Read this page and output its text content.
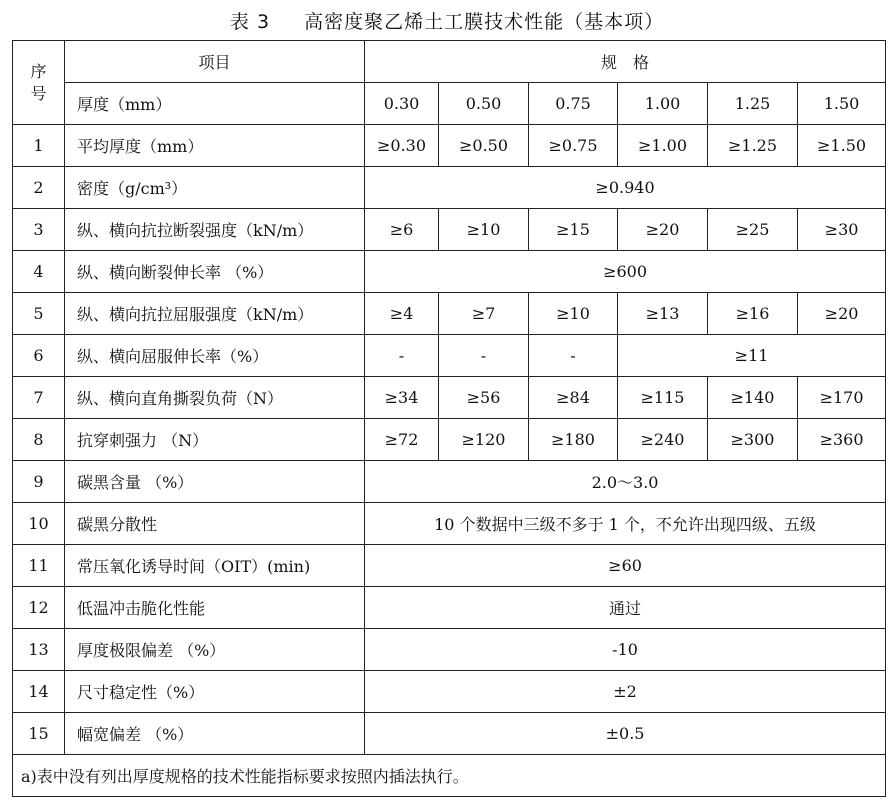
表 3 高密度聚乙烯土工膜技术性能（基本项）
序
号	项目	规　格					
	厚度（mm）	0.30	0.50	0.75	1.00	1.25	1.50
1	平均厚度（mm）	≥0.30	≥0.50	≥0.75	≥1.00	≥1.25	≥1.50
2	密度（g/cm³）	≥0.940					
3	纵、横向抗拉断裂强度（kN/m）	≥6	≥10	≥15	≥20	≥25	≥30
4	纵、横向断裂伸长率 （%）	≥600					
5	纵、横向抗拉屈服强度（kN/m）	≥4	≥7	≥10	≥13	≥16	≥20
6	纵、横向屈服伸长率（%）	-	-	-	≥11		
7	纵、横向直角撕裂负荷（N）	≥34	≥56	≥84	≥115	≥140	≥170
8	抗穿刺强力 （N）	≥72	≥120	≥180	≥240	≥300	≥360
9	碳黑含量 （%）	2.0～3.0					
10	碳黑分散性	10 个数据中三级不多于 1 个，不允许出现四级、五级					
11	常压氧化诱导时间（OIT）(min)	≥60					
12	低温冲击脆化性能	通过					
13	厚度极限偏差 （%）	-10					
14	尺寸稳定性（%）	±2					
15	幅宽偏差 （%）	±0.5					
a)表中没有列出厚度规格的技术性能指标要求按照内插法执行。							
